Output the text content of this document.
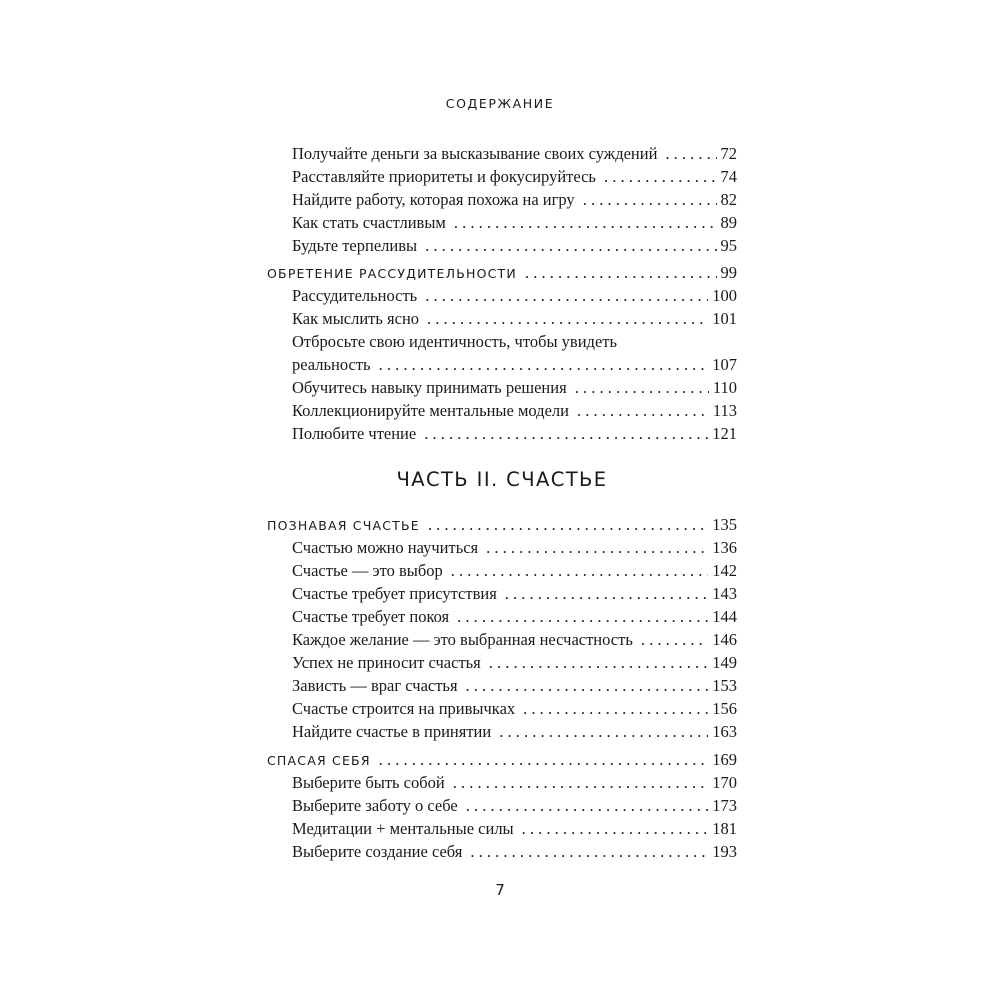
СОДЕРЖАНИЕ
Получайте деньги за высказывание своих суждений . . .	72
Расставляйте приоритеты и фокусируйтесь . . .	74
Найдите работу, которая похожа на игру . . .	82
Как стать счастливым . . .	89
Будьте терпеливы . . .	95
ОБРЕТЕНИЕ РАССУДИТЕЛЬНОСТИ . . .	99
Рассудительность . . .	100
Как мыслить ясно . . .	101
Отбросьте свою идентичность, чтобы увидеть
реальность . . .	107
Обучитесь навыку принимать решения . . .	110
Коллекционируйте ментальные модели . . .	113
Полюбите чтение . . .	121
ЧАСТЬ II. СЧАСТЬЕ
ПОЗНАВАЯ СЧАСТЬЕ . . .	135
Счастью можно научиться . . .	136
Счастье — это выбор . . .	142
Счастье требует присутствия . . .	143
Счастье требует покоя . . .	144
Каждое желание — это выбранная несчастность . . .	146
Успех не приносит счастья . . .	149
Зависть — враг счастья . . .	153
Счастье строится на привычках . . .	156
Найдите счастье в принятии . . .	163
СПАСАЯ СЕБЯ . . .	169
Выберите быть собой . . .	170
Выберите заботу о себе . . .	173
Медитации + ментальные силы . . .	181
Выберите создание себя . . .	193
7
